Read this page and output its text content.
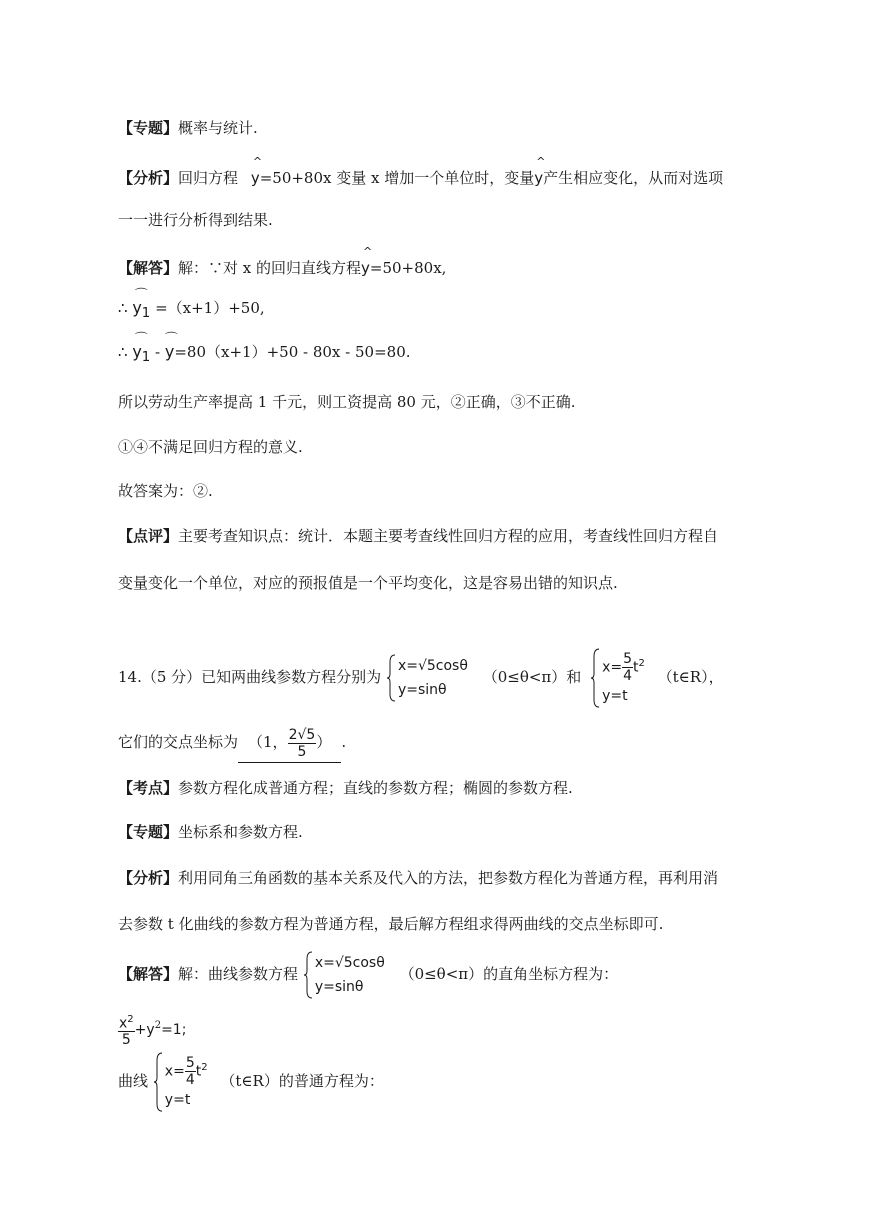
【专题】概率与统计.
【分析】回归方程
^
y=50+80x 变量 x 增加一个单位时，变量
^
y产生相应变化，从而对选项
一一进行分析得到结果.
【解答】解：∵对 x 的回归直线方程
^
y=50+80x,
∴
⌒
$y_1 =(x+1)+50$,
∴
⌒
$y_1$ -
⌒
y=80（x+1）+50 - 80x - 50=80.
所以劳动生产率提高 1 千元，则工资提高 80 元，②正确，③不正确.
①④不满足回归方程的意义.
故答案为：②.
【点评】主要考查知识点：统计．本题主要考查线性回归方程的应用，考查线性回归方程自
变量变化一个单位，对应的预报值是一个平均变化，这是容易出错的知识点.
14.（5 分）已知两曲线参数方程分别为
x=√5cosθ
y=sinθ
（0≤θ<π）和
$x= \frac{5}{4} t^2$
y=t
（t∈R），
它们的交点坐标为 （1， $\frac{2√5}{5}$ ） .
【考点】参数方程化成普通方程；直线的参数方程；椭圆的参数方程.
【专题】坐标系和参数方程.
【分析】利用同角三角函数的基本关系及代入的方法，把参数方程化为普通方程，再利用消
去参数 t 化曲线的参数方程为普通方程，最后解方程组求得两曲线的交点坐标即可.
【解答】解：曲线参数方程
x=√5cosθ
y=sinθ
（0≤θ<π）的直角坐标方程为：
$\frac{x^2}{5} +y^2=1$;
曲线
$x= \frac{5}{4} t^2$
y=t
（t∈R）的普通方程为：
